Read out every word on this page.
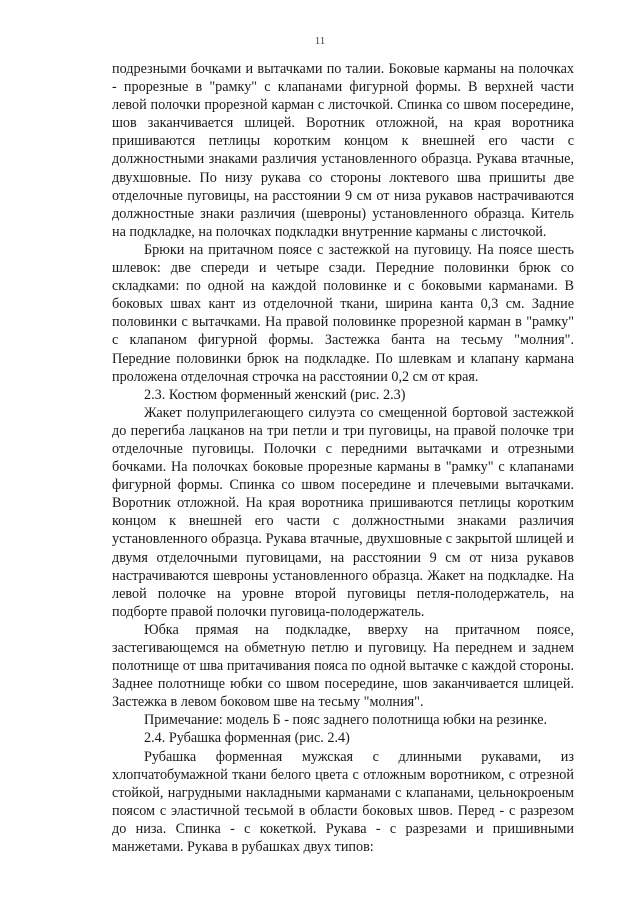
11

подрезными бочками и вытачками по талии. Боковые карманы на полочках - прорезные в "рамку" с клапанами фигурной формы. В верхней части левой полочки прорезной карман с листочкой. Спинка со швом посередине, шов заканчивается шлицей. Воротник отложной, на края воротника пришиваются петлицы коротким концом к внешней его части с должностными знаками различия установленного образца. Рукава втачные, двухшовные. По низу рукава со стороны локтевого шва пришиты две отделочные пуговицы, на расстоянии 9 см от низа рукавов настрачиваются должностные знаки различия (шевроны) установленного образца. Китель на подкладке, на полочках подкладки внутренние карманы с листочкой.

Брюки на притачном поясе с застежкой на пуговицу. На поясе шесть шлевок: две спереди и четыре сзади. Передние половинки брюк со складками: по одной на каждой половинке и с боковыми карманами. В боковых швах кант из отделочной ткани, ширина канта 0,3 см. Задние половинки с вытачками. На правой половинке прорезной карман в "рамку" с клапаном фигурной формы. Застежка банта на тесьму "молния". Передние половинки брюк на подкладке. По шлевкам и клапану кармана проложена отделочная строчка на расстоянии 0,2 см от края.

2.3. Костюм форменный женский (рис. 2.3)

Жакет полуприлегающего силуэта со смещенной бортовой застежкой до перегиба лацканов на три петли и три пуговицы, на правой полочке три отделочные пуговицы. Полочки с передними вытачками и отрезными бочками. На полочках боковые прорезные карманы в "рамку" с клапанами фигурной формы. Спинка со швом посередине и плечевыми вытачками. Воротник отложной. На края воротника пришиваются петлицы коротким концом к внешней его части с должностными знаками различия установленного образца. Рукава втачные, двухшовные с закрытой шлицей и двумя отделочными пуговицами, на расстоянии 9 см от низа рукавов настрачиваются шевроны установленного образца. Жакет на подкладке. На левой полочке на уровне второй пуговицы петля-полодержатель, на подборте правой полочки пуговица-полодержатель.

Юбка прямая на подкладке, вверху на притачном поясе, застегивающемся на обметную петлю и пуговицу. На переднем и заднем полотнище от шва притачивания пояса по одной вытачке с каждой стороны. Заднее полотнище юбки со швом посередине, шов заканчивается шлицей. Застежка в левом боковом шве на тесьму "молния".

Примечание: модель Б - пояс заднего полотнища юбки на резинке.

2.4. Рубашка форменная (рис. 2.4)

Рубашка форменная мужская с длинными рукавами, из хлопчатобумажной ткани белого цвета с отложным воротником, с отрезной стойкой, нагрудными накладными карманами с клапанами, цельнокроеным поясом с эластичной тесьмой в области боковых швов. Перед - с разрезом до низа. Спинка - с кокеткой. Рукава - с разрезами и пришивными манжетами. Рукава в рубашках двух типов:
